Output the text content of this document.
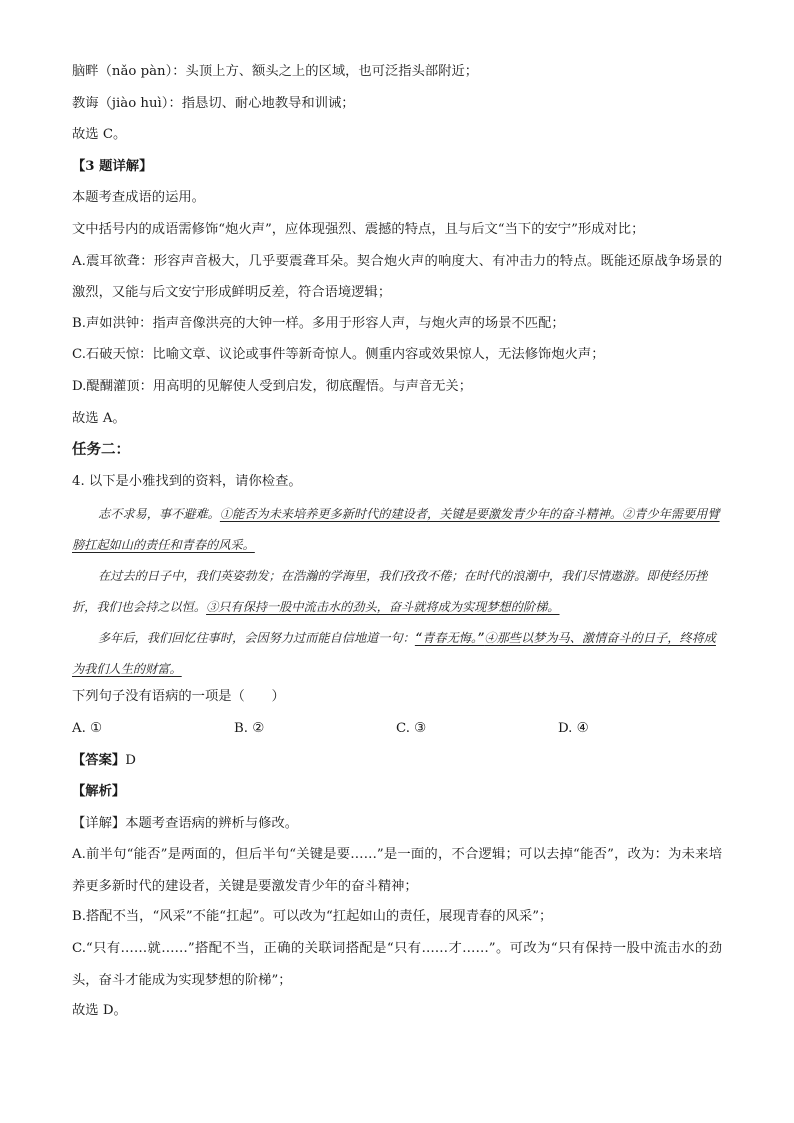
脑畔（nǎo pàn）：头顶上方、额头之上的区域，也可泛指头部附近；
教诲（jiào huì）：指恳切、耐心地教导和训诫；
故选 C。
【3 题详解】
本题考查成语的运用。
文中括号内的成语需修饰“炮火声”，应体现强烈、震撼的特点，且与后文“当下的安宁”形成对比；

A.震耳欲聋：形容声音极大，几乎要震聋耳朵。契合炮火声的响度大、有冲击力的特点。既能还原战争场景的激烈，又能与后文安宁形成鲜明反差，符合语境逻辑；

B.声如洪钟：指声音像洪亮的大钟一样。多用于形容人声，与炮火声的场景不匹配；
C.石破天惊：比喻文章、议论或事件等新奇惊人。侧重内容或效果惊人，无法修饰炮火声；
D.醍醐灌顶：用高明的见解使人受到启发，彻底醒悟。与声音无关；
故选 A。
任务二：
4. 以下是小雅找到的资料，请你检查。

志不求易，事不避难。①能否为未来培养更多新时代的建设者，关键是要激发青少年的奋斗精神。②青少年需要用臂膀扛起如山的责任和青春的风采。

在过去的日子中，我们英姿勃发；在浩瀚的学海里，我们孜孜不倦；在时代的浪潮中，我们尽情遨游。即使经历挫折，我们也会持之以恒。③只有保持一股中流击水的劲头，奋斗就将成为实现梦想的阶梯。

多年后，我们回忆往事时，会因努力过而能自信地道一句：“青春无悔。”④那些以梦为马、激情奋斗的日子，终将成为我们人生的财富。

下列句子没有语病的一项是（　　）
A. ①	B. ②	C. ③	D. ④
【答案】D
【解析】
【详解】本题考查语病的辨析与修改。

A.前半句“能否”是两面的，但后半句“关键是要……”是一面的，不合逻辑；可以去掉“能否”，改为：为未来培养更多新时代的建设者，关键是要激发青少年的奋斗精神；

B.搭配不当，“风采”不能“扛起”。可以改为“扛起如山的责任，展现青春的风采”；

C.“只有……就……”搭配不当，正确的关联词搭配是“只有……才……”。可改为“只有保持一股中流击水的劲头，奋斗才能成为实现梦想的阶梯”；

故选 D。
